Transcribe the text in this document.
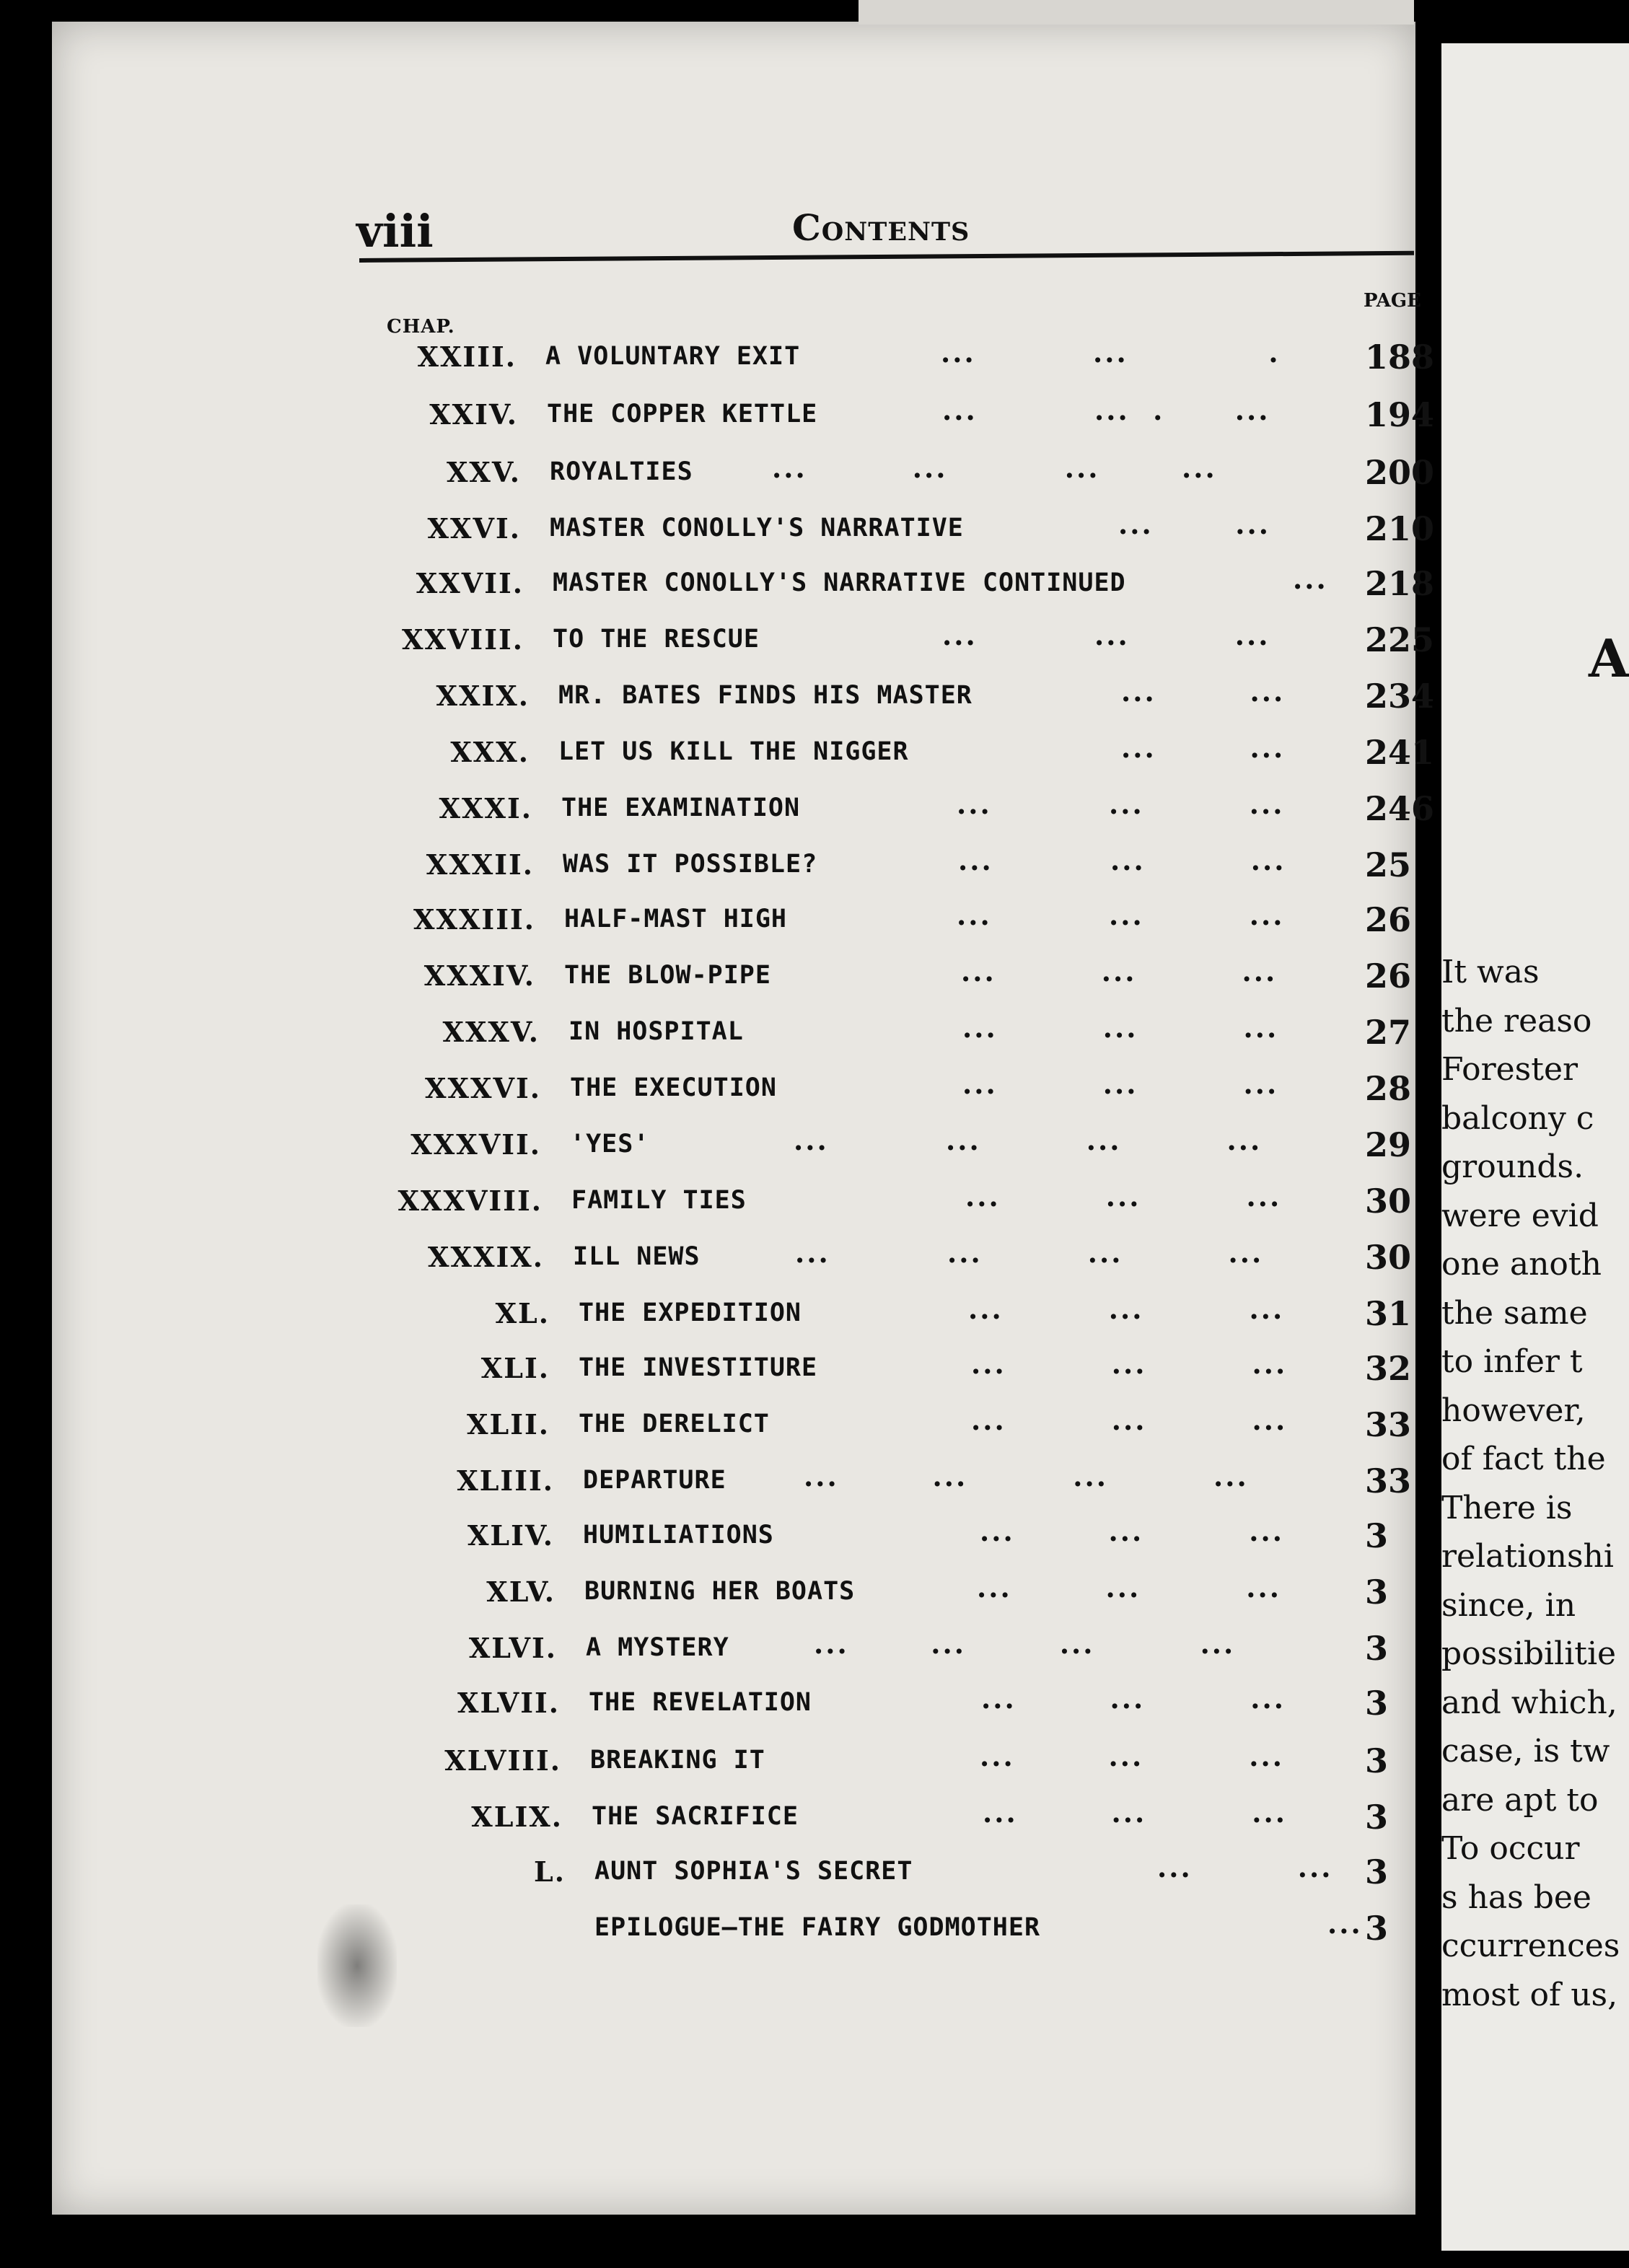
viii	Contents
CHAP.
PAGE
XXIII. A VOLUNTARY EXIT	...          ...            .	188
XXIV. THE COPPER KETTLE	...          ...  .      ...	194
XXV. ROYALTIES	...         ...          ...       ...	200
XXVI. MASTER CONOLLY'S NARRATIVE	...       ...	210
XXVII. MASTER CONOLLY'S NARRATIVE CONTINUED	... 218
XXVIII. TO THE RESCUE	...          ...         ...	225
XXIX. MR. BATES FINDS HIS MASTER	...        ... 234
XXX. LET US KILL THE NIGGER	...        ... 241
XXXI. THE EXAMINATION	...          ...         ... 246
XXXII. WAS IT POSSIBLE?	...          ...         ... 25
XXXIII. HALF-MAST HIGH	...          ...         ... 26
XXXIV. THE BLOW-PIPE	...         ...         ...	26
XXXV. IN HOSPITAL	...         ...         ...	27
XXXVI. THE EXECUTION	...         ...         ...	28
XXXVII. 'YES'	...          ...         ...         ...	29
XXXVIII. FAMILY TIES	...         ...         ...	30
XXXIX. ILL NEWS	...          ...         ...         ...	30
XL. THE EXPEDITION	...         ...         ... 31
XLI. THE INVESTITURE	...         ...         ... 32
XLII. THE DERELICT	...         ...         ... 33
XLIII. DEPARTURE	...        ...         ...         ...	33
XLIV. HUMILIATIONS	...        ...         ... 3
XLV. BURNING HER BOATS	...        ...         ...	3
XLVI. A MYSTERY	...       ...        ...         ...	3
XLVII. THE REVELATION	...        ...         ... 3
XLVIII. BREAKING IT	...        ...         ... 3
XLIX. THE SACRIFICE	...        ...         ... 3
L. AUNT SOPHIA'S SECRET	...         ... 3
EPILOGUE—THE FAIRY GODMOTHER	... 3
A
It was
the reaso
Forester
balcony c
grounds.
were evid
one anoth
the same
to infer t
however,
of fact the
There is
relationshi
since, in
possibilitie
and which,
case, is tw
are apt to
To occur
s has bee
ccurrences
most of us,
